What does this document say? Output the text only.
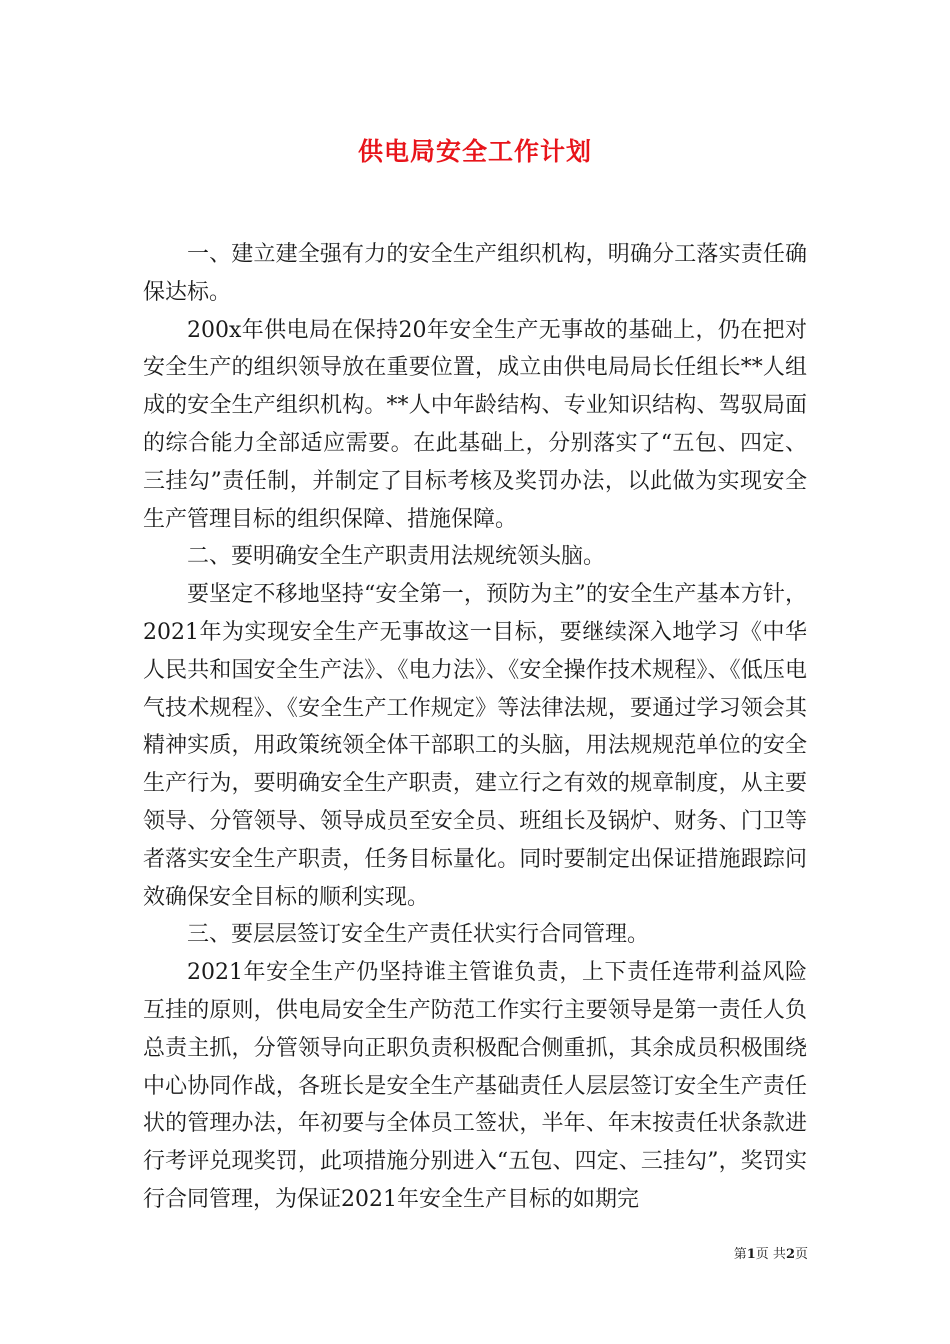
供电局安全工作计划

一、建立建全强有力的安全生产组织机构，明确分工落实责任确保达标。

200x年供电局在保持20年安全生产无事故的基础上，仍在把对安全生产的组织领导放在重要位置，成立由供电局局长任组长**人组成的安全生产组织机构。**人中年龄结构、专业知识结构、驾驭局面的综合能力全部适应需要。在此基础上，分别落实了“五包、四定、三挂勾”责任制，并制定了目标考核及奖罚办法，以此做为实现安全生产管理目标的组织保障、措施保障。

二、要明确安全生产职责用法规统领头脑。

要坚定不移地坚持“安全第一，预防为主”的安全生产基本方针，2021年为实现安全生产无事故这一目标，要继续深入地学习《中华人民共和国安全生产法》、《电力法》、《安全操作技术规程》、《低压电气技术规程》、《安全生产工作规定》等法律法规，要通过学习领会其精神实质，用政策统领全体干部职工的头脑，用法规规范单位的安全生产行为，要明确安全生产职责，建立行之有效的规章制度，从主要领导、分管领导、领导成员至安全员、班组长及锅炉、财务、门卫等者落实安全生产职责，任务目标量化。同时要制定出保证措施跟踪问效确保安全目标的顺利实现。

三、要层层签订安全生产责任状实行合同管理。

2021年安全生产仍坚持谁主管谁负责，上下责任连带利益风险互挂的原则，供电局安全生产防范工作实行主要领导是第一责任人负总责主抓，分管领导向正职负责积极配合侧重抓，其余成员积极围绕中心协同作战，各班长是安全生产基础责任人层层签订安全生产责任状的管理办法，年初要与全体员工签状，半年、年末按责任状条款进行考评兑现奖罚，此项措施分别进入“五包、四定、三挂勾”，奖罚实行合同管理，为保证2021年安全生产目标的如期完

第1页 共2页
